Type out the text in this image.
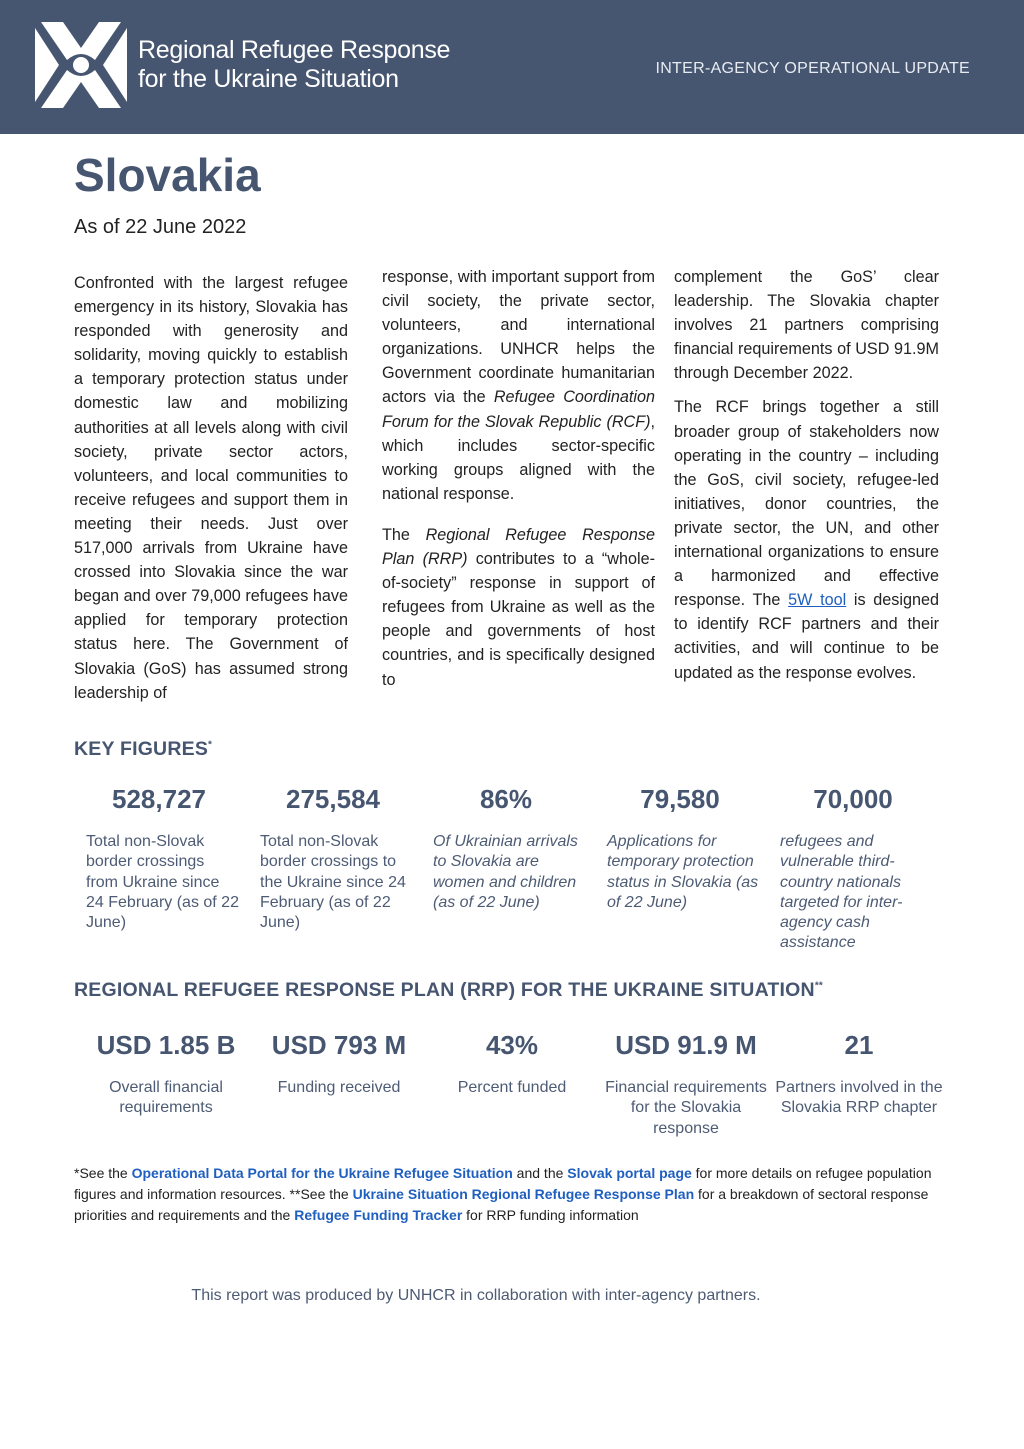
Regional Refugee Response
for the Ukraine Situation	INTER-AGENCY OPERATIONAL UPDATE
Slovakia
As of 22 June 2022

Confronted with the largest refugee emergency in its history, Slovakia has responded with generosity and solidarity, moving quickly to establish a temporary protection status under domestic law and mobilizing authorities at all levels along with civil society, private sector actors, volunteers, and local communities to receive refugees and support them in meeting their needs. Just over 517,000 arrivals from Ukraine have crossed into Slovakia since the war began and over 79,000 refugees have applied for temporary protection status here. The Government of Slovakia (GoS) has assumed strong leadership of

response, with important support from civil society, the private sector, volunteers, and international organizations. UNHCR helps the Government coordinate humanitarian actors via the Refugee Coordination Forum for the Slovak Republic (RCF), which includes sector-specific working groups aligned with the national response.

The Regional Refugee Response Plan (RRP) contributes to a “whole-of-society” response in support of refugees from Ukraine as well as the people and governments of host countries, and is specifically designed to

complement the GoS’ clear leadership. The Slovakia chapter involves 21 partners comprising financial requirements of USD 91.9M through December 2022.

The RCF brings together a still broader group of stakeholders now operating in the country – including the GoS, civil society, refugee-led initiatives, donor countries, the private sector, the UN, and other international organizations to ensure a harmonized and effective response. The 5W tool is designed to identify RCF partners and their activities, and will continue to be updated as the response evolves.

KEY FIGURES*
528,727
Total non-Slovak border crossings from Ukraine since 24 February (as of 22 June)
275,584
Total non-Slovak border crossings to the Ukraine since 24 February (as of 22 June)
86%
Of Ukrainian arrivals to Slovakia are women and children (as of 22 June)
79,580
Applications for temporary protection status in Slovakia (as of 22 June)
70,000
refugees and vulnerable third-country nationals targeted for inter-agency cash assistance
REGIONAL REFUGEE RESPONSE PLAN (RRP) FOR THE UKRAINE SITUATION**
USD 1.85 B
Overall financial requirements
USD 793 M
Funding received
43%
Percent funded
USD 91.9 M
Financial requirements for the Slovakia response
21
Partners involved in the Slovakia RRP chapter
*See the Operational Data Portal for the Ukraine Refugee Situation and the Slovak portal page for more details on refugee population figures and information resources. **See the Ukraine Situation Regional Refugee Response Plan for a breakdown of sectoral response priorities and requirements and the Refugee Funding Tracker for RRP funding information
This report was produced by UNHCR in collaboration with inter-agency partners.
